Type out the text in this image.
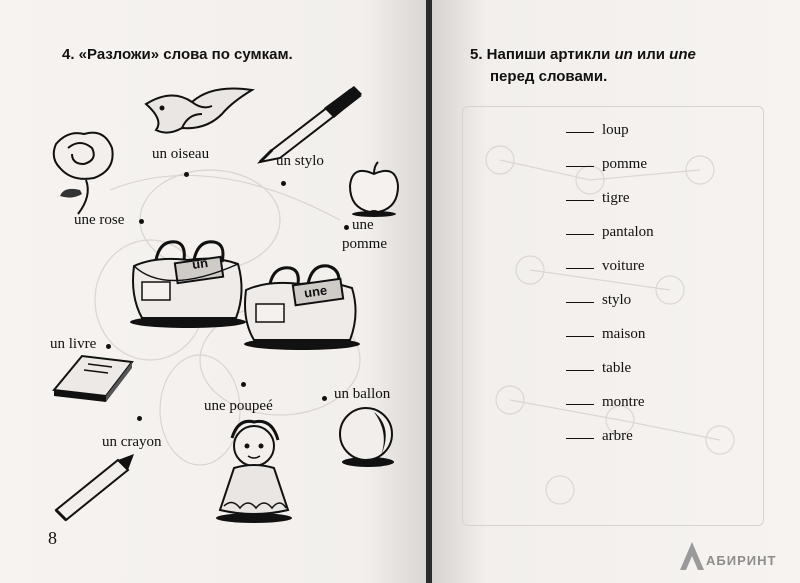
4. «Разложи» слова по сумкам.
un oiseau	un stylo
une rose	une
pomme
un
une
un livre
une poupeé
un ballon
un crayon
8
5. Напиши артикли un или une
перед словами.
loup
pomme
tigre
pantalon
voiture
stylo
maison
table
montre
arbre
АБИРИНТ
